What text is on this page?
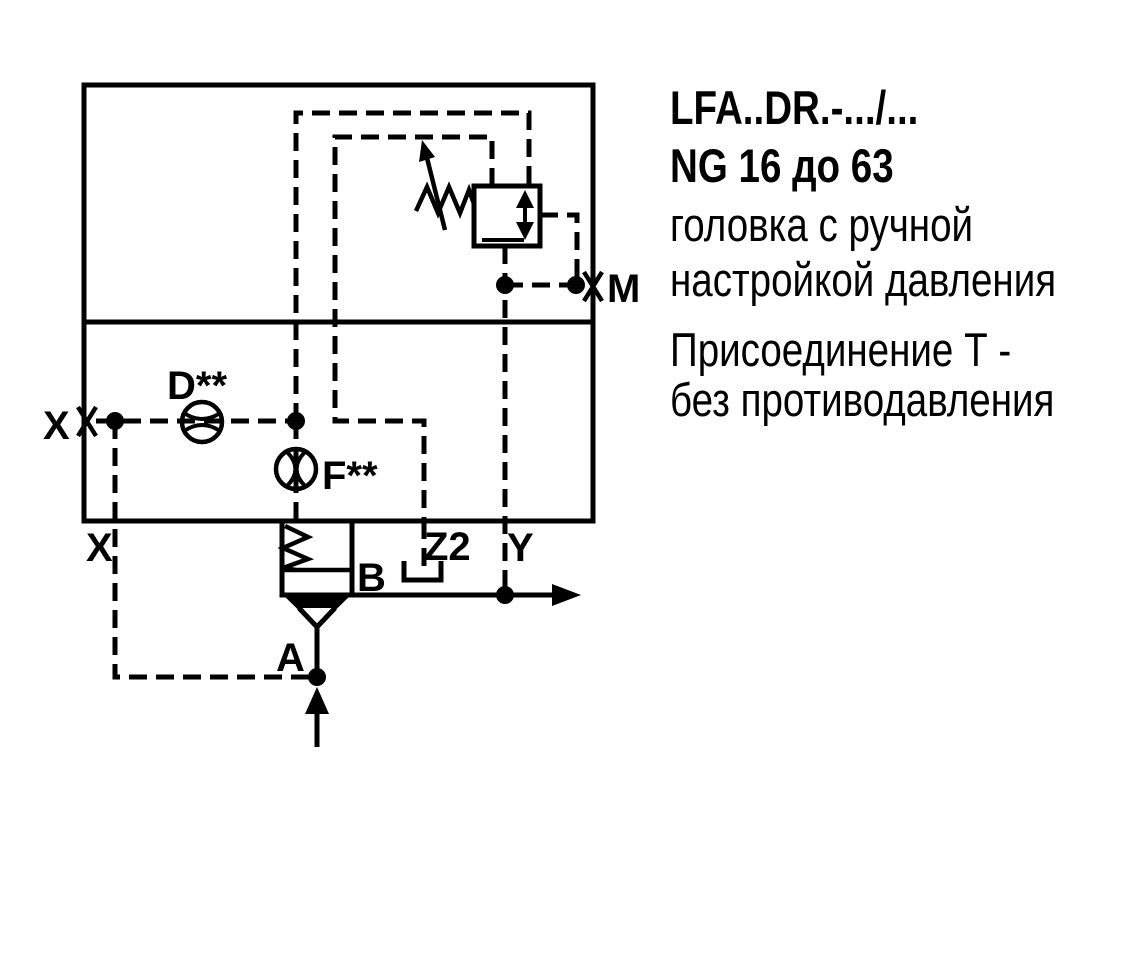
X
X
D**
F**
B
Z2 Y
M
A
LFA..DR.-.../...
NG 16 до 63
головка с ручной
настройкой давления
Присоединение Т -
без противодавления
